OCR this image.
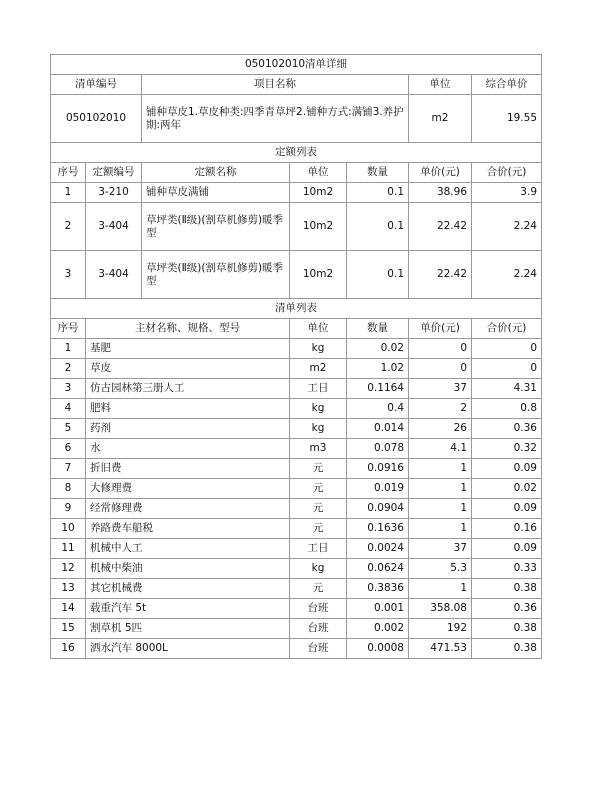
050102010清单详细						
清单编号		项目名称			单位	综合单价
050102010		铺种草皮1.草皮种类:四季青草坪2.铺种方式:满铺3.养护期:两年			m2	19.55
定额列表						
序号	定额编号	定额名称	单位	数量	单价(元)	合价(元)
1	3-210	铺种草皮满铺	10m2	0.1	38.96	3.9
2	3-404	草坪类(Ⅱ级)(割草机修剪)暖季型	10m2	0.1	22.42	2.24
3	3-404	草坪类(Ⅱ级)(割草机修剪)暖季型	10m2	0.1	22.42	2.24
清单列表						
序号	主材名称、规格、型号		单位	数量	单价(元)	合价(元)
1	基肥		kg	0.02	0	0
2	草皮		m2	1.02	0	0
3	仿古园林第三册人工		工日	0.1164	37	4.31
4	肥料		kg	0.4	2	0.8
5	药剂		kg	0.014	26	0.36
6	水		m3	0.078	4.1	0.32
7	折旧费		元	0.0916	1	0.09
8	大修理费		元	0.019	1	0.02
9	经常修理费		元	0.0904	1	0.09
10	养路费车船税		元	0.1636	1	0.16
11	机械中人工		工日	0.0024	37	0.09
12	机械中柴油		kg	0.0624	5.3	0.33
13	其它机械费		元	0.3836	1	0.38
14	载重汽车 5t		台班	0.001	358.08	0.36
15	割草机 5匹		台班	0.002	192	0.38
16	洒水汽车 8000L		台班	0.0008	471.53	0.38
